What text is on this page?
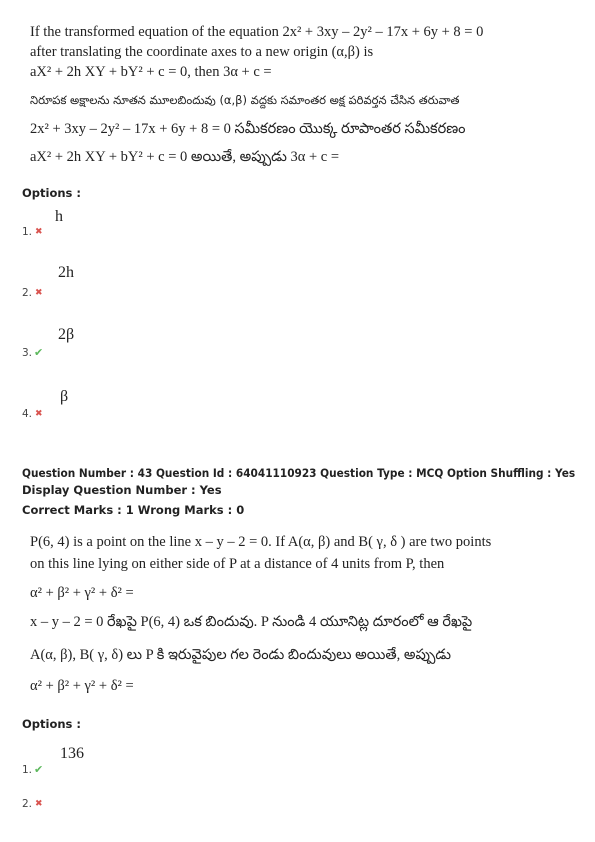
If the transformed equation of the equation 2x² + 3xy – 2y² – 17x + 6y + 8 = 0
after translating the coordinate axes to a new origin (α,β) is
aX² + 2h XY + bY² + c = 0, then 3α + c =
నిరూపక అక్షాలను నూతన మూలబిందువు (α,β) వద్దకు సమాంతర అక్ష పరివర్తన చేసిన తరువాత
2x² + 3xy – 2y² – 17x + 6y + 8 = 0 సమీకరణం యొక్క రూపాంతర సమీకరణం
aX² + 2h XY + bY² + c = 0 అయితే, అప్పుడు 3α + c =
Options :
h
1. ✖
2h
2. ✖
2β
3. ✔
β
4. ✖
Question Number : 43 Question Id : 64041110923 Question Type : MCQ Option Shuffling : Yes
Display Question Number : Yes
Correct Marks : 1 Wrong Marks : 0
P(6, 4) is a point on the line x – y – 2 = 0. If A(α, β) and B( γ, δ ) are two points
on this line lying on either side of P at a distance of 4 units from P, then
α² + β² + γ² + δ² =
x – y – 2 = 0 రేఖపై P(6, 4) ఒక బిందువు. P నుండి 4 యూనిట్ల దూరంలో ఆ రేఖపై
A(α, β), B( γ, δ) లు P కి ఇరువైపుల గల రెండు బిందువులు అయితే, అప్పుడు
α² + β² + γ² + δ² =
Options :
136
1. ✔
2. ✖
